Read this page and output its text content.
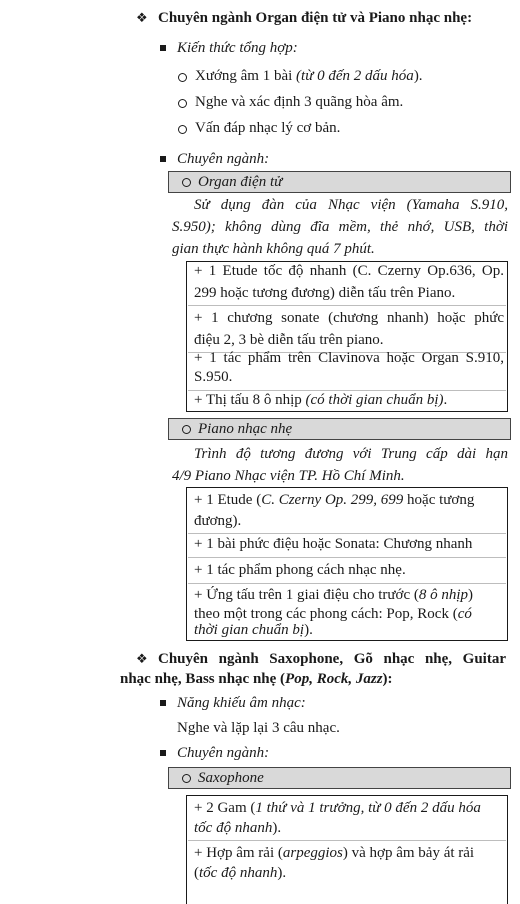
❖ Chuyên ngành Organ điện tử và Piano nhạc nhẹ:
Kiến thức tổng hợp:
Xướng âm 1 bài (từ 0 đến 2 dấu hóa).
Nghe và xác định 3 quãng hòa âm.
Vấn đáp nhạc lý cơ bản.
Chuyên ngành:
Organ điện tử
Sử dụng đàn của Nhạc viện (Yamaha S.910,
S.950); không dùng đĩa mềm, thẻ nhớ, USB, thời
gian thực hành không quá 7 phút.
+ 1 Etude tốc độ nhanh (C. Czerny Op.636, Op.
299 hoặc tương đương) diễn tấu trên Piano.
+ 1 chương sonate (chương nhanh) hoặc phức
điệu 2, 3 bè diễn tấu trên piano.
+ 1 tác phẩm trên Clavinova hoặc Organ S.910,
S.950.
+ Thị tấu 8 ô nhịp (có thời gian chuẩn bị).
Piano nhạc nhẹ
Trình độ tương đương với Trung cấp dài hạn
4/9 Piano Nhạc viện TP. Hồ Chí Minh.
+ 1 Etude (C. Czerny Op. 299, 699 hoặc tương
đương).
+ 1 bài phức điệu hoặc Sonata: Chương nhanh
+ 1 tác phẩm phong cách nhạc nhẹ.
+ Ứng tấu trên 1 giai điệu cho trước (8 ô nhịp)
theo một trong các phong cách: Pop, Rock (có
thời gian chuẩn bị).
❖ Chuyên ngành Saxophone, Gõ nhạc nhẹ, Guitar
nhạc nhẹ, Bass nhạc nhẹ (Pop, Rock, Jazz):
Năng khiếu âm nhạc:
Nghe và lặp lại 3 câu nhạc.
Chuyên ngành:
Saxophone
+ 2 Gam (1 thứ và 1 trưởng, từ 0 đến 2 dấu hóa
tốc độ nhanh).
+ Hợp âm rải (arpeggios) và hợp âm bảy át rải
(tốc độ nhanh).
